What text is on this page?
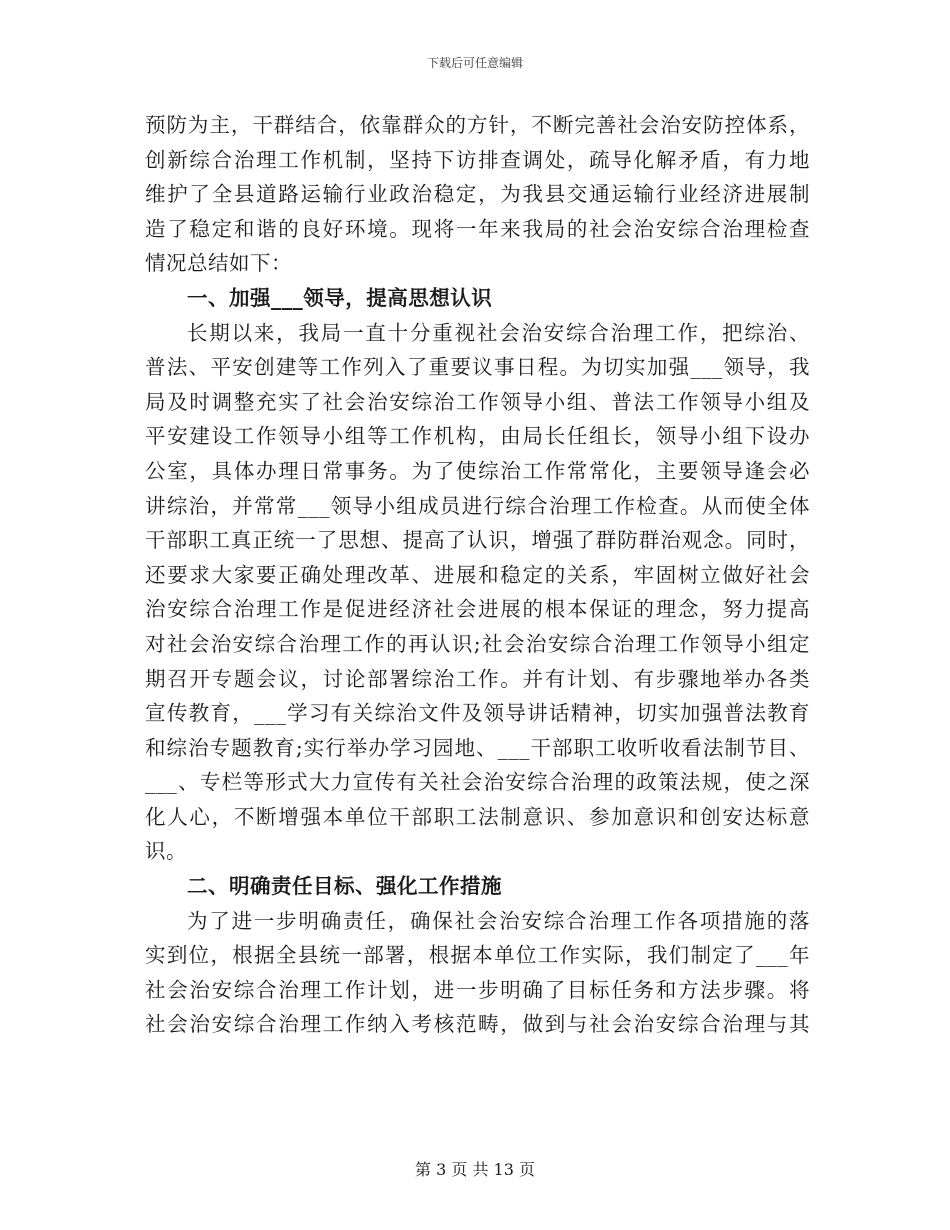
下载后可任意编辑
预防为主，干群结合，依靠群众的方针，不断完善社会治安防控体系，
创新综合治理工作机制，坚持下访排查调处，疏导化解矛盾，有力地
维护了全县道路运输行业政治稳定，为我县交通运输行业经济进展制
造了稳定和谐的良好环境。现将一年来我局的社会治安综合治理检查
情况总结如下：
一、加强___领导，提高思想认识
长期以来，我局一直十分重视社会治安综合治理工作，把综治、
普法、平安创建等工作列入了重要议事日程。为切实加强___领导，我
局及时调整充实了社会治安综治工作领导小组、普法工作领导小组及
平安建设工作领导小组等工作机构，由局长任组长，领导小组下设办
公室，具体办理日常事务。为了使综治工作常常化，主要领导逢会必
讲综治，并常常___领导小组成员进行综合治理工作检查。从而使全体
干部职工真正统一了思想、提高了认识，增强了群防群治观念。同时，
还要求大家要正确处理改革、进展和稳定的关系，牢固树立做好社会
治安综合治理工作是促进经济社会进展的根本保证的理念，努力提高
对社会治安综合治理工作的再认识;社会治安综合治理工作领导小组定
期召开专题会议，讨论部署综治工作。并有计划、有步骤地举办各类
宣传教育，___学习有关综治文件及领导讲话精神，切实加强普法教育
和综治专题教育;实行举办学习园地、___干部职工收听收看法制节目、
___、专栏等形式大力宣传有关社会治安综合治理的政策法规，使之深
化人心，不断增强本单位干部职工法制意识、参加意识和创安达标意
识。
二、明确责任目标、强化工作措施
为了进一步明确责任，确保社会治安综合治理工作各项措施的落
实到位，根据全县统一部署，根据本单位工作实际，我们制定了___年
社会治安综合治理工作计划，进一步明确了目标任务和方法步骤。将
社会治安综合治理工作纳入考核范畴，做到与社会治安综合治理与其
第 3 页 共 13 页
